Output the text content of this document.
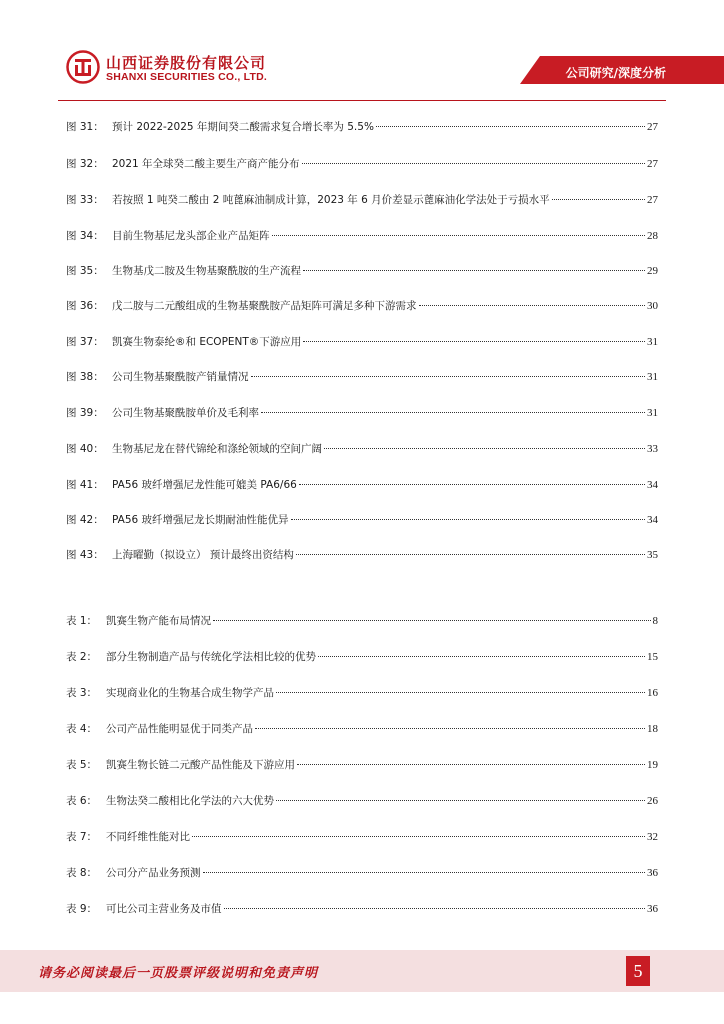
山西证券股份有限公司
SHANXI SECURITIES CO., LTD.	公司研究/深度分析
图 31： 预计 2022-2025 年期间癸二酸需求复合增长率为 5.5%	27
图 32： 2021 年全球癸二酸主要生产商产能分布	27
图 33： 若按照 1 吨癸二酸由 2 吨蓖麻油制成计算，2023 年 6 月价差显示蓖麻油化学法处于亏损水平	27
图 34： 目前生物基尼龙头部企业产品矩阵	28
图 35： 生物基戊二胺及生物基聚酰胺的生产流程	29
图 36： 戊二胺与二元酸组成的生物基聚酰胺产品矩阵可满足多种下游需求	30
图 37： 凯赛生物泰纶®和 ECOPENT®下游应用	31
图 38： 公司生物基聚酰胺产销量情况	31
图 39： 公司生物基聚酰胺单价及毛利率	31
图 40： 生物基尼龙在替代锦纶和涤纶领域的空间广阔	33
图 41： PA56 玻纤增强尼龙性能可媲美 PA6/66	34
图 42： PA56 玻纤增强尼龙长期耐油性能优异	34
图 43： 上海曜勤（拟设立） 预计最终出资结构	35
表 1： 凯赛生物产能布局情况	8
表 2： 部分生物制造产品与传统化学法相比较的优势	15
表 3： 实现商业化的生物基合成生物学产品	16
表 4： 公司产品性能明显优于同类产品	18
表 5： 凯赛生物长链二元酸产品性能及下游应用	19
表 6： 生物法癸二酸相比化学法的六大优势	26
表 7： 不同纤维性能对比	32
表 8： 公司分产品业务预测	36
表 9： 可比公司主营业务及市值	36
请务必阅读最后一页股票评级说明和免责声明	5
